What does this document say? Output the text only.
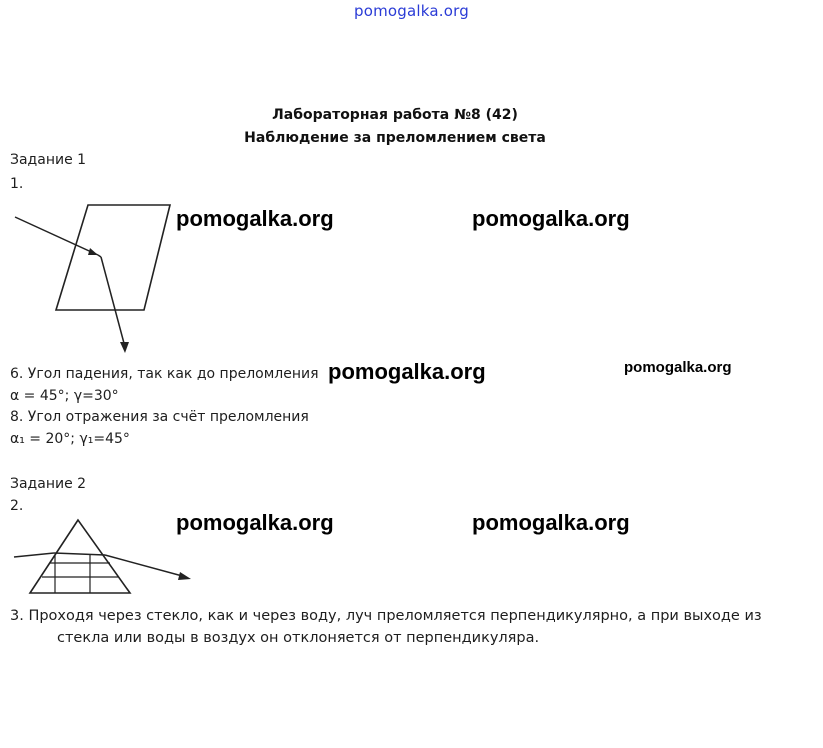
pomogalka.org
Лабораторная работа №8 (42)
Наблюдение за преломлением света
Задание 1
1.
pomogalka.org	pomogalka.org
6. Угол падения, так как до преломления pomogalka.org	pomogalka.org
α = 45°; γ=30°
8. Угол отражения за счёт преломления
α₁ = 20°; γ₁=45°
Задание 2
2.
pomogalka.org	pomogalka.org
3. Проходя через стекло, как и через воду, луч преломляется перпендикулярно, а при выходе из
стекла или воды в воздух он отклоняется от перпендикуляра.
